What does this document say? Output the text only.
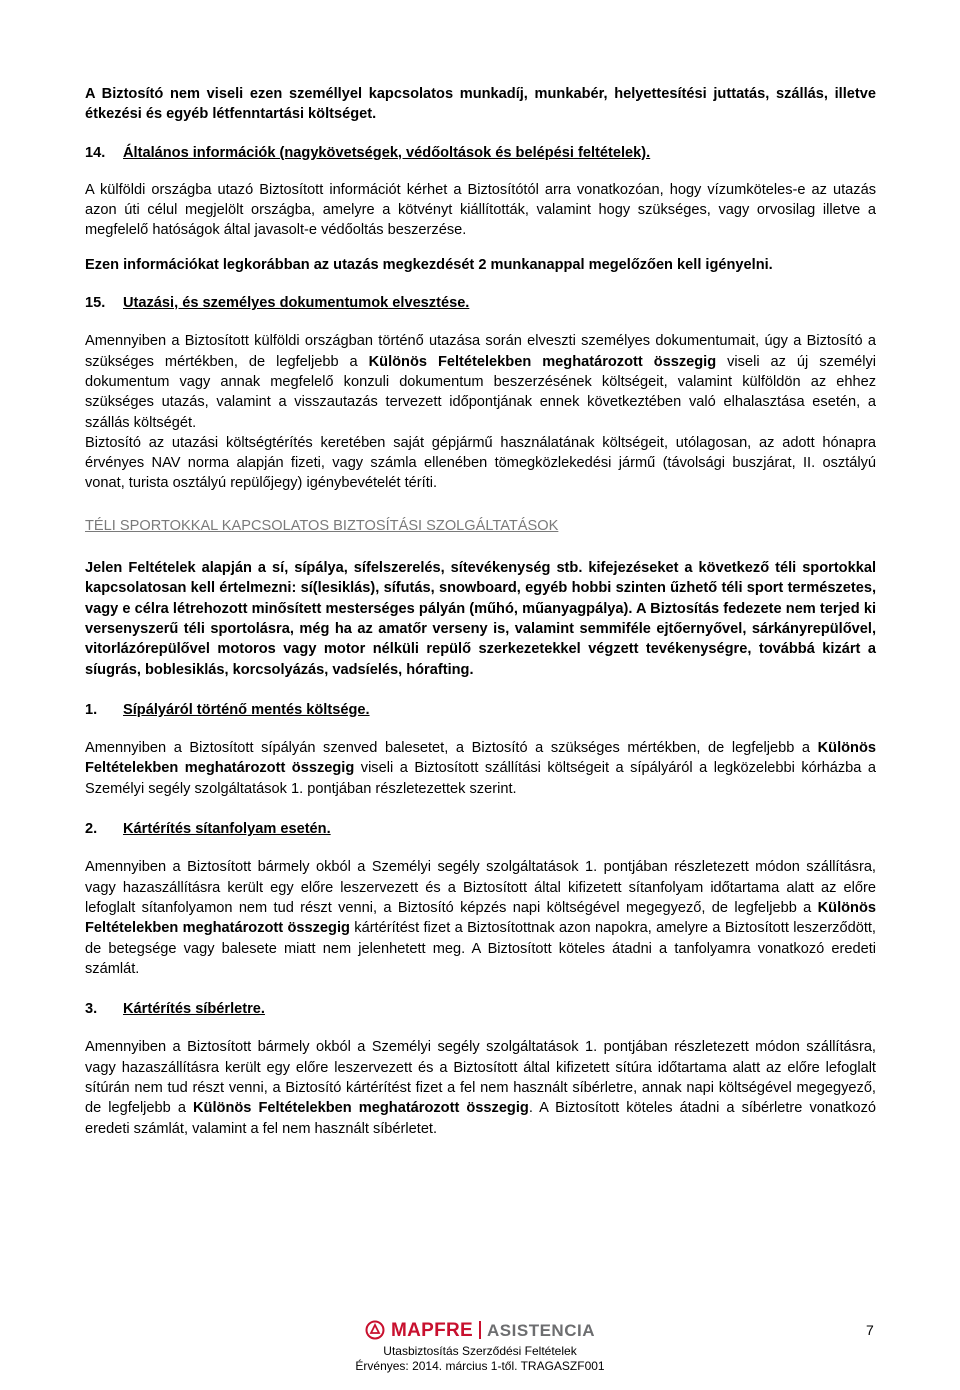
A Biztosító nem viseli ezen személlyel kapcsolatos munkadíj, munkabér, helyettesítési juttatás, szállás, illetve étkezési és egyéb létfenntartási költséget.

14.	Általános információk (nagykövetségek, védőoltások és belépési feltételek).

A külföldi országba utazó Biztosított információt kérhet a Biztosítótól arra vonatkozóan, hogy vízumköteles-e az utazás azon úti célul megjelölt országba, amelyre a kötvényt kiállították, valamint hogy szükséges, vagy orvosilag illetve a megfelelő hatóságok által javasolt-e védőoltás beszerzése.

Ezen információkat legkorábban az utazás megkezdését 2 munkanappal megelőzően kell igényelni.

15.	Utazási, és személyes dokumentumok elvesztése.

Amennyiben a Biztosított külföldi országban történő utazása során elveszti személyes dokumentumait, úgy a Biztosító a szükséges mértékben, de legfeljebb a Különös Feltételekben meghatározott összegig viseli az új személyi dokumentum vagy annak megfelelő konzuli dokumentum beszerzésének költségeit, valamint külföldön az ehhez szükséges utazás, valamint a visszautazás tervezett időpontjának ennek következtében való elhalasztása esetén, a szállás költségét.

Biztosító az utazási költségtérítés keretében saját gépjármű használatának költségeit, utólagosan, az adott hónapra érvényes NAV norma alapján fizeti, vagy számla ellenében tömegközlekedési jármű (távolsági buszjárat, II. osztályú vonat, turista osztályú repülőjegy) igénybevételét téríti.

TÉLI SPORTOKKAL KAPCSOLATOS BIZTOSÍTÁSI SZOLGÁLTATÁSOK

Jelen Feltételek alapján a sí, sípálya, sífelszerelés, sítevékenység stb. kifejezéseket a következő téli sportokkal kapcsolatosan kell értelmezni: sí(lesiklás), sífutás, snowboard, egyéb hobbi szinten űzhető téli sport természetes, vagy e célra létrehozott minősített mesterséges pályán (műhó, műanyagpálya). A Biztosítás fedezete nem terjed ki versenyszerű téli sportolásra, még ha az amatőr verseny is, valamint semmiféle ejtőernyővel, sárkányrepülővel, vitorlázórepülővel motoros vagy motor nélküli repülő szerkezetekkel végzett tevékenységre, továbbá kizárt a síugrás, boblesiklás, korcsolyázás, vadsíelés, hórafting.

1.	Sípályáról történő mentés költsége.

Amennyiben a Biztosított sípályán szenved balesetet, a Biztosító a szükséges mértékben, de legfeljebb a Különös Feltételekben meghatározott összegig viseli a Biztosított szállítási költségeit a sípályáról a legközelebbi kórházba a Személyi segély szolgáltatások 1. pontjában részletezettek szerint.

2.	Kártérítés sítanfolyam esetén.

Amennyiben a Biztosított bármely okból a Személyi segély szolgáltatások 1. pontjában részletezett módon szállításra, vagy hazaszállításra került egy előre leszervezett és a Biztosított által kifizetett sítanfolyam időtartama alatt az előre lefoglalt sítanfolyamon nem tud részt venni, a Biztosító képzés napi költségével megegyező, de legfeljebb a Különös Feltételekben meghatározott összegig kártérítést fizet a Biztosítottnak azon napokra, amelyre a Biztosított leszerződött, de betegsége vagy balesete miatt nem jelenhetett meg. A Biztosított köteles átadni a tanfolyamra vonatkozó eredeti számlát.

3.	Kártérítés síbérletre.

Amennyiben a Biztosított bármely okból a Személyi segély szolgáltatások 1. pontjában részletezett módon szállításra, vagy hazaszállításra került egy előre leszervezett és a Biztosított által kifizetett sítúra időtartama alatt az előre lefoglalt sítúrán nem tud részt venni, a Biztosító kártérítést fizet a fel nem használt síbérletre, annak napi költségével megegyező, de legfeljebb a Különös Feltételekben meghatározott összegig. A Biztosított köteles átadni a síbérletre vonatkozó eredeti számlát, valamint a fel nem használt síbérletet.

MAPFRE ASISTENCIA
Utasbiztosítás Szerződési Feltételek
Érvényes: 2014. március 1-től. TRAGASZF001
7
